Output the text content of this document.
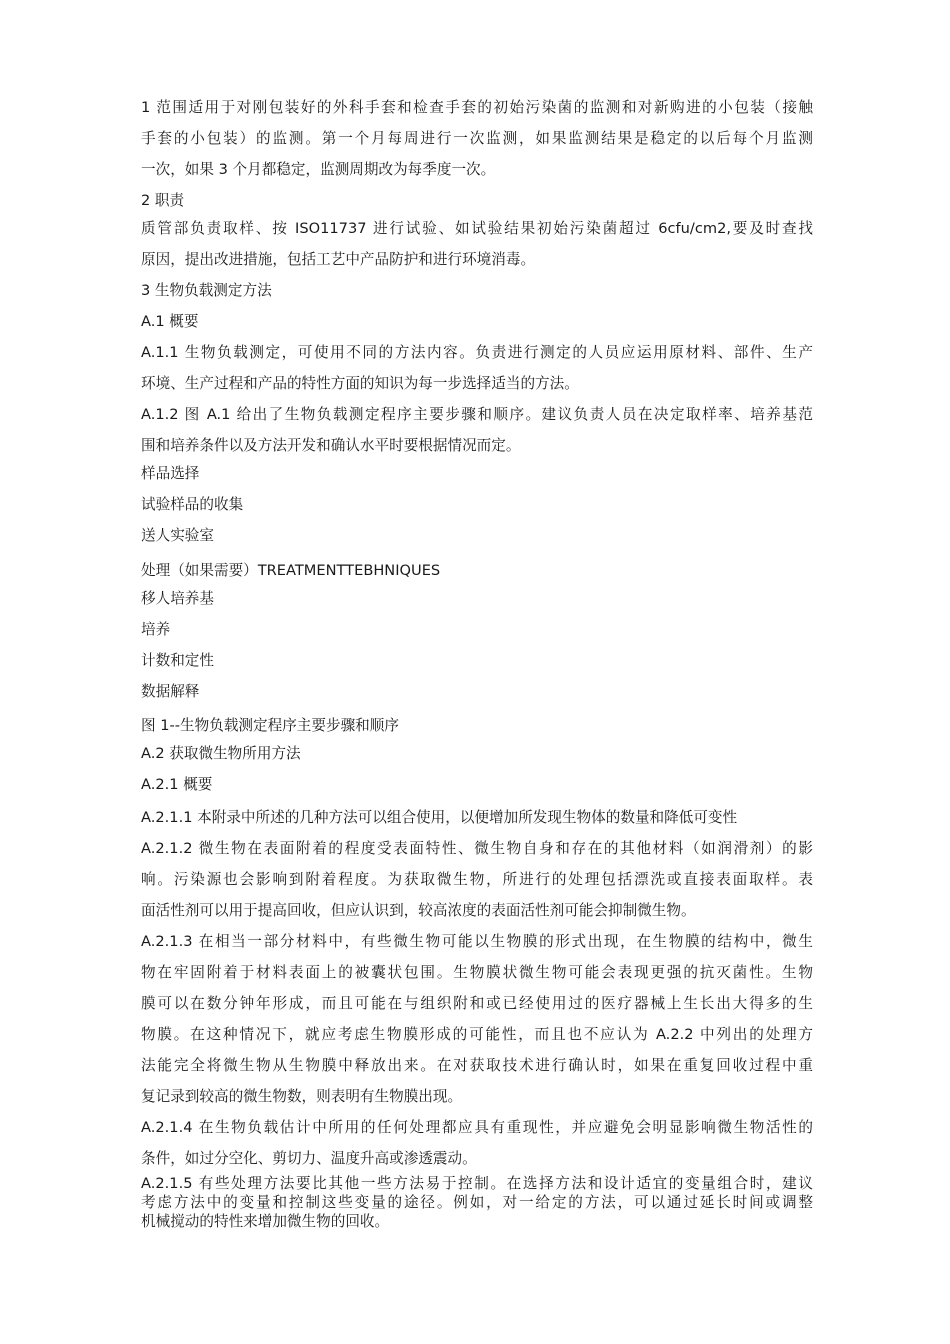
1 范围适用于对刚包装好的外科手套和检查手套的初始污染菌的监测和对新购进的小包装（接触
手套的小包装）的监测。第一个月每周进行一次监测，如果监测结果是稳定的以后每个月监测
一次，如果 3 个月都稳定，监测周期改为每季度一次。
2 职责
质管部负责取样、按 ISO11737 进行试验、如试验结果初始污染菌超过 6cfu/cm2,要及时查找
原因，提出改进措施，包括工艺中产品防护和进行环境消毒。
3 生物负载测定方法
A.1 概要
A.1.1 生物负载测定，可使用不同的方法内容。负责进行测定的人员应运用原材料、部件、生产
环境、生产过程和产品的特性方面的知识为每一步选择适当的方法。
A.1.2 图 A.1 给出了生物负载测定程序主要步骤和顺序。建议负责人员在决定取样率、培养基范
围和培养条件以及方法开发和确认水平时要根据情况而定。
样品选择
试验样品的收集
送人实验室
处理（如果需要）TREATMENTTEBHNIQUES
移人培养基
培养
计数和定性
数据解释
图 1--生物负载测定程序主要步骤和顺序
A.2 获取微生物所用方法
A.2.1 概要
A.2.1.1 本附录中所述的几种方法可以组合使用，以便增加所发现生物体的数量和降低可变性
A.2.1.2 微生物在表面附着的程度受表面特性、微生物自身和存在的其他材料（如润滑剂）的影
响。污染源也会影响到附着程度。为获取微生物，所进行的处理包括漂洗或直接表面取样。表
面活性剂可以用于提高回收，但应认识到，较高浓度的表面活性剂可能会抑制微生物。
A.2.1.3 在相当一部分材料中，有些微生物可能以生物膜的形式出现，在生物膜的结构中，微生
物在牢固附着于材料表面上的被囊状包围。生物膜状微生物可能会表现更强的抗灭菌性。生物
膜可以在数分钟年形成，而且可能在与组织附和或已经使用过的医疗器械上生长出大得多的生
物膜。在这种情况下，就应考虑生物膜形成的可能性，而且也不应认为 A.2.2 中列出的处理方
法能完全将微生物从生物膜中释放出来。在对获取技术进行确认时，如果在重复回收过程中重
复记录到较高的微生物数，则表明有生物膜出现。
A.2.1.4 在生物负载估计中所用的任何处理都应具有重现性，并应避免会明显影响微生物活性的
条件，如过分空化、剪切力、温度升高或渗透震动。
A.2.1.5 有些处理方法要比其他一些方法易于控制。在选择方法和设计适宜的变量组合时，建议
考虑方法中的变量和控制这些变量的途径。例如，对一给定的方法，可以通过延长时间或调整
机械搅动的特性来增加微生物的回收。
